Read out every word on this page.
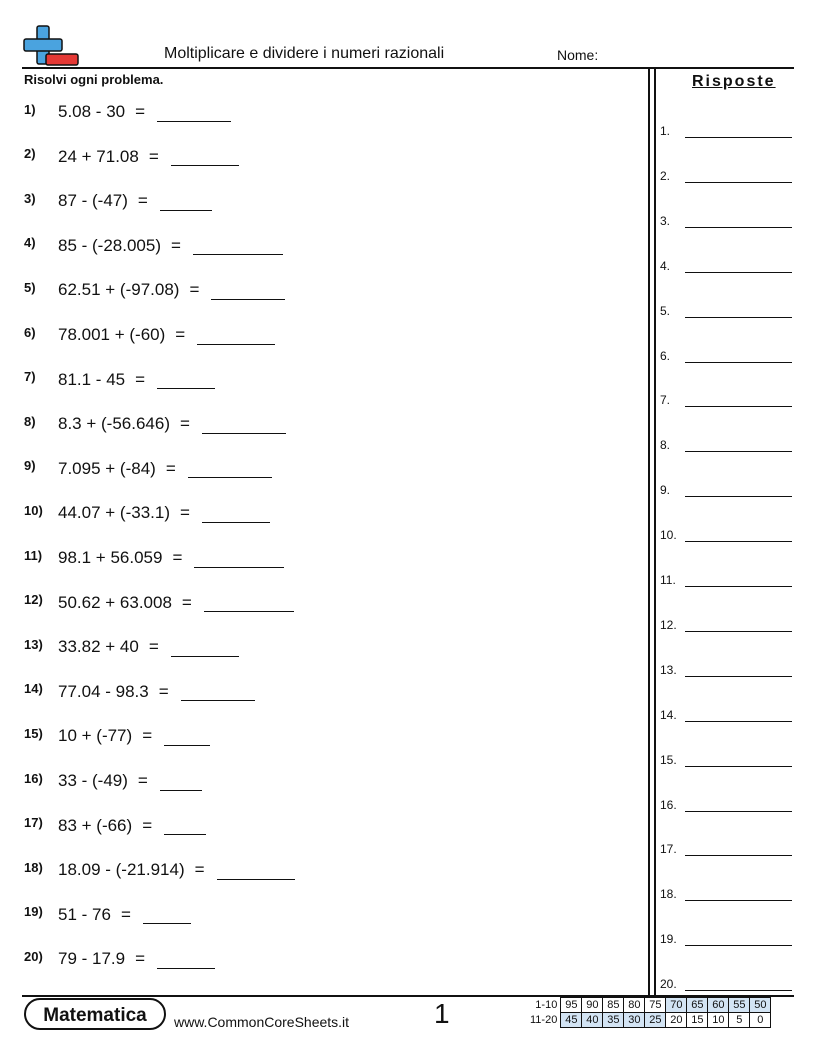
Moltiplicare e dividere i numeri razionali	Nome:
Risolvi ogni problema.	Risposte
1)	5.08 - 30 =
2)	24 + 71.08 =
3)	87 - (-47) =
4)	85 - (-28.005) =
5)	62.51 + (-97.08) =
6)	78.001 + (-60) =
7)	81.1 - 45 =
8)	8.3 + (-56.646) =
9)	7.095 + (-84) =
10) 44.07 + (-33.1) =
11) 98.1 + 56.059 =
12) 50.62 + 63.008 =
13) 33.82 + 40 =
14) 77.04 - 98.3 =
15) 10 + (-77) =
16) 33 - (-49) =
17) 83 + (-66) =
18) 18.09 - (-21.914) =
19) 51 - 76 =
20) 79 - 17.9 =
1.
2.
3.
4.
5.
6.
7.
8.
9.
10.
11.
12.
13.
14.
15.
16.
17.
18.
19.
20.
Matematica	www.CommonCoreSheets.it	1	1-10	95	90	85	80	75	70	65	60	55	50
11-20	45	40	35	30	25	20	15	10	5	0
